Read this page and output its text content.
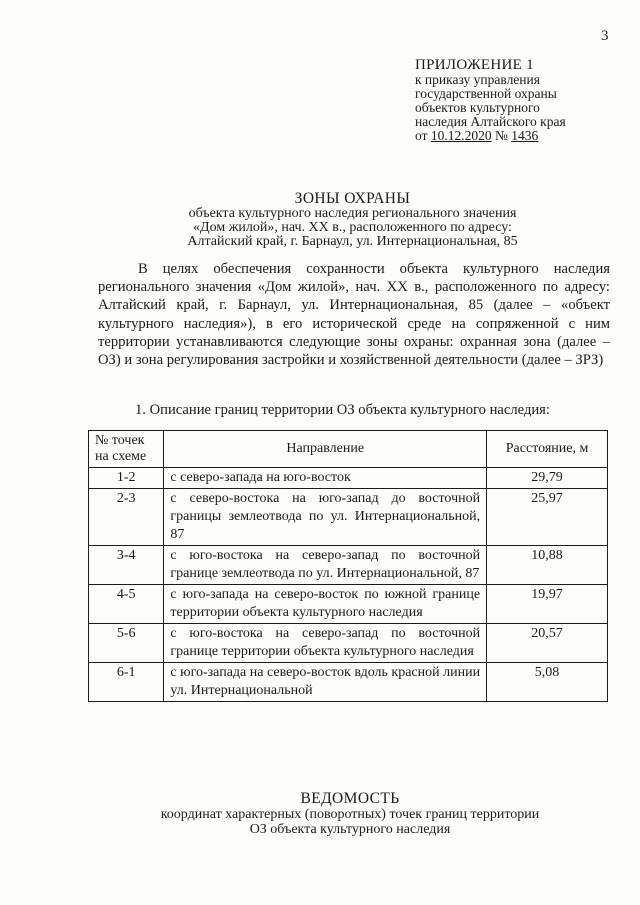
3
ПРИЛОЖЕНИЕ 1
к приказу управления
государственной охраны
объектов культурного
наследия Алтайского края
от 10.12.2020 № 1436
ЗОНЫ ОХРАНЫ
объекта культурного наследия регионального значения
«Дом жилой», нач. XX в., расположенного по адресу:
Алтайский край, г. Барнаул, ул. Интернациональная, 85

В целях обеспечения сохранности объекта культурного наследия регионального значения «Дом жилой», нач. XX в., расположенного по адресу: Алтайский край, г. Барнаул, ул. Интернациональная, 85 (далее – «объект культурного наследия»), в его исторической среде на сопряженной с ним территории устанавливаются следующие зоны охраны: охранная зона (далее – ОЗ) и зона регулирования застройки и хозяйственной деятельности (далее – ЗРЗ)

1. Описание границ территории ОЗ объекта культурного наследия:
№ точек на схеме	Направление	Расстояние, м
1-2	с северо-запада на юго-восток	29,79
2-3	с северо-востока на юго-запад до восточной границы землеотвода по ул. Интернациональной, 87	25,97
3-4	с юго-востока на северо-запад по восточной границе землеотвода по ул. Интернациональной, 87	10,88
4-5	с юго-запада на северо-восток по южной границе территории объекта культурного наследия	19,97
5-6	с юго-востока на северо-запад по восточной границе территории объекта культурного наследия	20,57
6-1	с юго-запада на северо-восток вдоль красной линии ул. Интернациональной	5,08
ВЕДОМОСТЬ
координат характерных (поворотных) точек границ территории
ОЗ объекта культурного наследия
